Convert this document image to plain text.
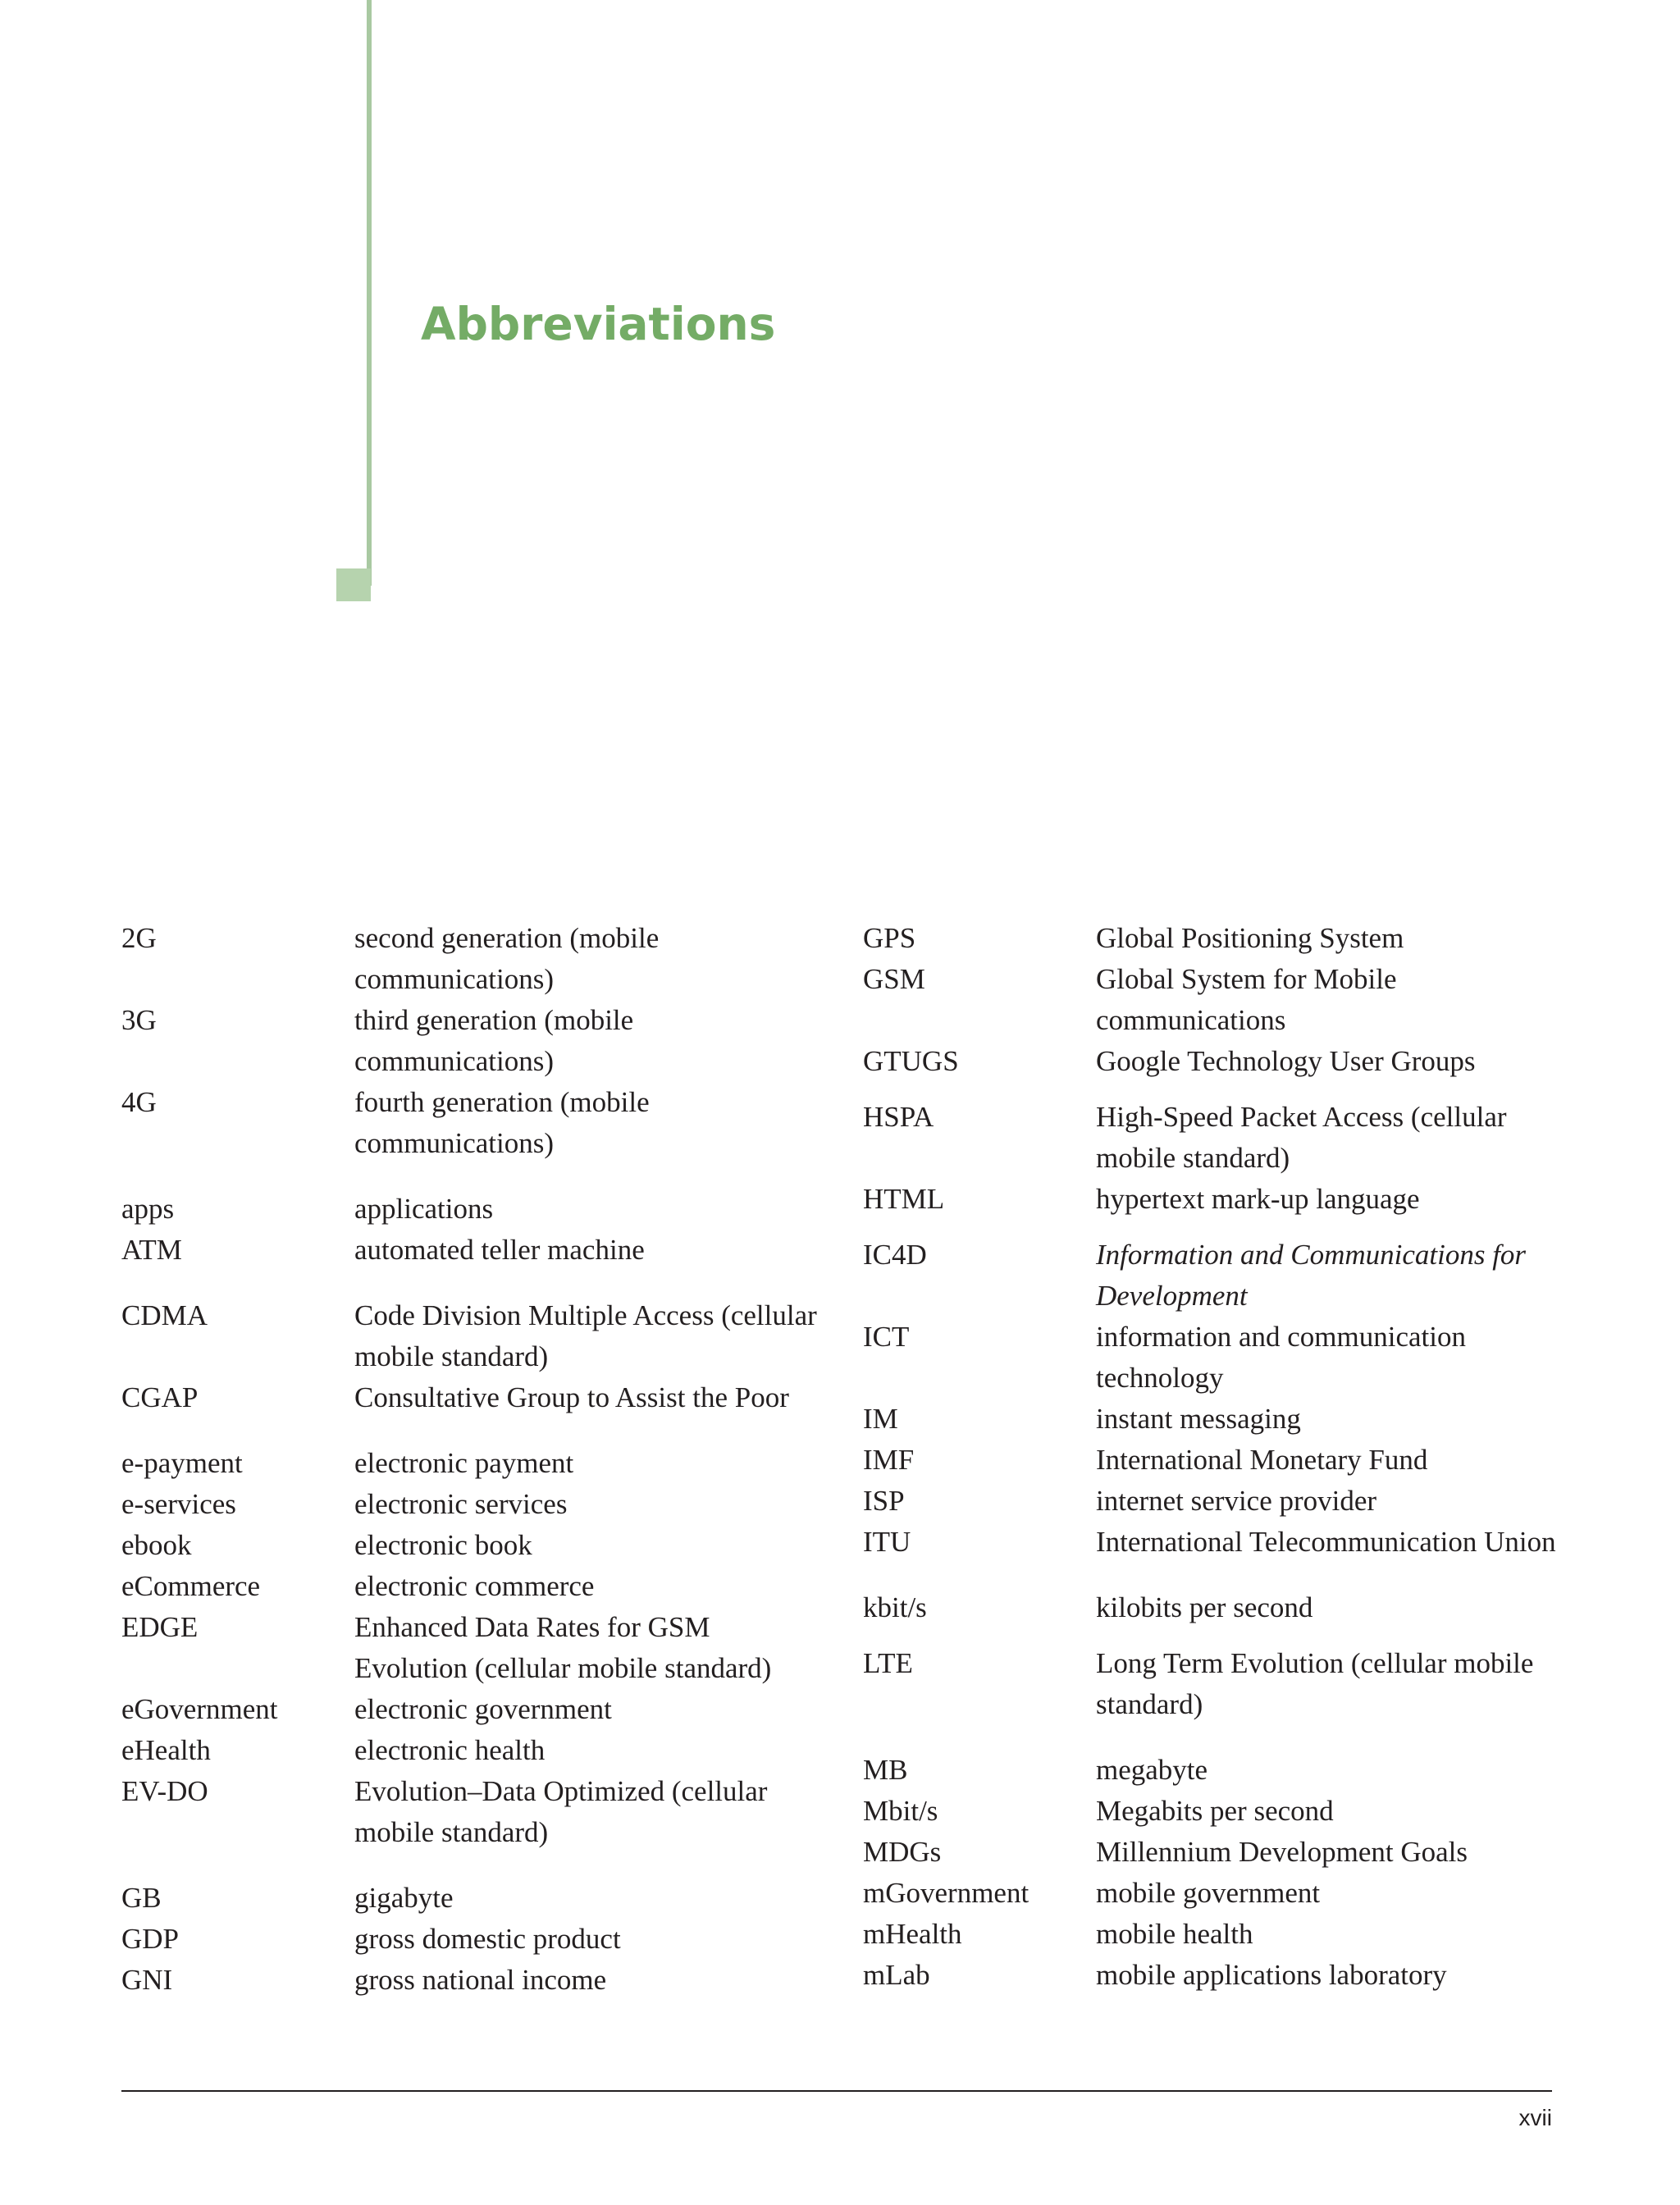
Abbreviations
2G	second generation (mobile communications)
3G	third generation (mobile communications)
4G	fourth generation (mobile communications)
apps	applications
ATM	automated teller machine
CDMA	Code Division Multiple Access (cellular mobile standard)
CGAP	Consultative Group to Assist the Poor
e-payment	electronic payment
e-services	electronic services
ebook	electronic book
eCommerce	electronic commerce
EDGE	Enhanced Data Rates for GSM Evolution (cellular mobile standard)
eGovernment	electronic government
eHealth	electronic health
EV-DO	Evolution–Data Optimized (cellular mobile standard)
GB	gigabyte
GDP	gross domestic product
GNI	gross national income
GPS	Global Positioning System
GSM	Global System for Mobile communications
GTUGS	Google Technology User Groups
HSPA	High-Speed Packet Access (cellular mobile standard)
HTML	hypertext mark-up language
IC4D	Information and Communications for Development
ICT	information and communication technology
IM	instant messaging
IMF	International Monetary Fund
ISP	internet service provider
ITU	International Telecommunication Union
kbit/s	kilobits per second
LTE	Long Term Evolution (cellular mobile standard)
MB	megabyte
Mbit/s	Megabits per second
MDGs	Millennium Development Goals
mGovernment	mobile government
mHealth	mobile health
mLab	mobile applications laboratory
xvii
